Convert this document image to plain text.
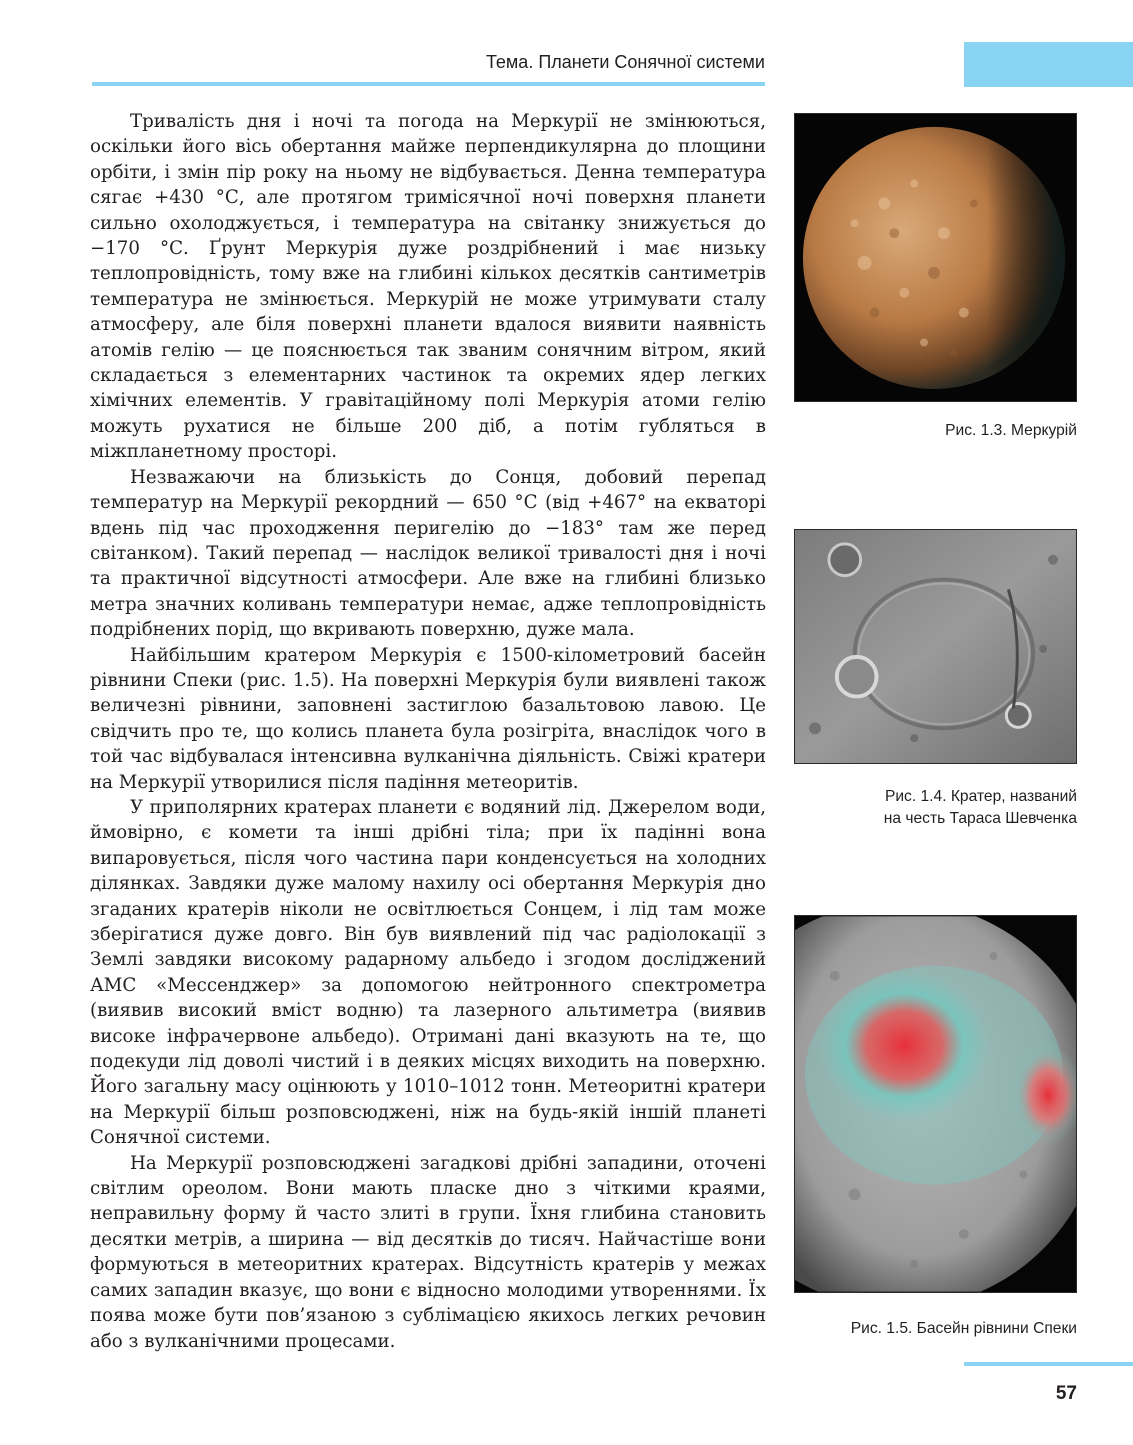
Тема. Планети Сонячної системи

Тривалість дня і ночі та погода на Меркурії не змінюються, оскільки його вісь обертання майже перпендикулярна до площини орбіти, і змін пір року на ньому не відбувається. Денна температура сягає +430 °С, але протягом тримісячної ночі поверхня планети сильно охолоджується, і температура на світанку знижується до −170 °С. Ґрунт Меркурія дуже роздрібнений і має низьку теплопровідність, тому вже на глибині кількох десятків сантиметрів температура не змінюється. Меркурій не може утримувати сталу атмосферу, але біля поверхні планети вдалося виявити наявність атомів гелію — це пояснюється так званим сонячним вітром, який складається з елементарних частинок та окремих ядер легких хімічних елементів. У гравітаційному полі Меркурія атоми гелію можуть рухатися не більше 200 діб, а потім губляться в міжпланетному просторі.

Незважаючи на близькість до Сонця, добовий перепад температур на Меркурії рекордний — 650 °С (від +467° на екваторі вдень під час проходження перигелію до −183° там же перед світанком). Такий перепад — наслідок великої тривалості дня і ночі та практичної відсутності атмосфери. Але вже на глибині близько метра значних коливань температури немає, адже теплопровідність подрібнених порід, що вкривають поверхню, дуже мала.

Найбільшим кратером Меркурія є 1500-кілометровий басейн рівнини Спеки (рис. 1.5). На поверхні Меркурія були виявлені також величезні рівнини, заповнені застиглою базальтовою лавою. Це свідчить про те, що колись планета була розігріта, внаслідок чого в той час відбувалася інтенсивна вулканічна діяльність. Свіжі кратери на Меркурії утворилися після падіння метеоритів.

У приполярних кратерах планети є водяний лід. Джерелом води, ймовірно, є комети та інші дрібні тіла; при їх падінні вона випаровується, після чого частина пари конденсується на холодних ділянках. Завдяки дуже малому нахилу осі обертання Меркурія дно згаданих кратерів ніколи не освітлюється Сонцем, і лід там може зберігатися дуже довго. Він був виявлений під час радіолокації з Землі завдяки високому радарному альбедо і згодом досліджений АМС «Мессенджер» за допомогою нейтронного спектрометра (виявив високий вміст водню) та лазерного альтиметра (виявив високе інфрачервоне альбедо). Отримані дані вказують на те, що подекуди лід доволі чистий і в деяких місцях виходить на поверхню. Його загальну масу оцінюють у 1010–1012 тонн. Метеоритні кратери на Меркурії більш розповсюджені, ніж на будь-якій іншій планеті Сонячної системи.

На Меркурії розповсюджені загадкові дрібні западини, оточені світлим ореолом. Вони мають пласке дно з чіткими краями, неправильну форму й часто злиті в групи. Їхня глибина становить десятки метрів, а ширина — від десятків до тисяч. Найчастіше вони формуються в метеоритних кратерах. Відсутність кратерів у межах самих западин вказує, що вони є відносно молодими утвореннями. Їх поява може бути пов’язаною з сублімацією якихось легких речовин або з вулканічними процесами.

Рис. 1.3. Меркурій
Рис. 1.4. Кратер, названий
на честь Тараса Шевченка
Рис. 1.5. Басейн рівнини Спеки
57
